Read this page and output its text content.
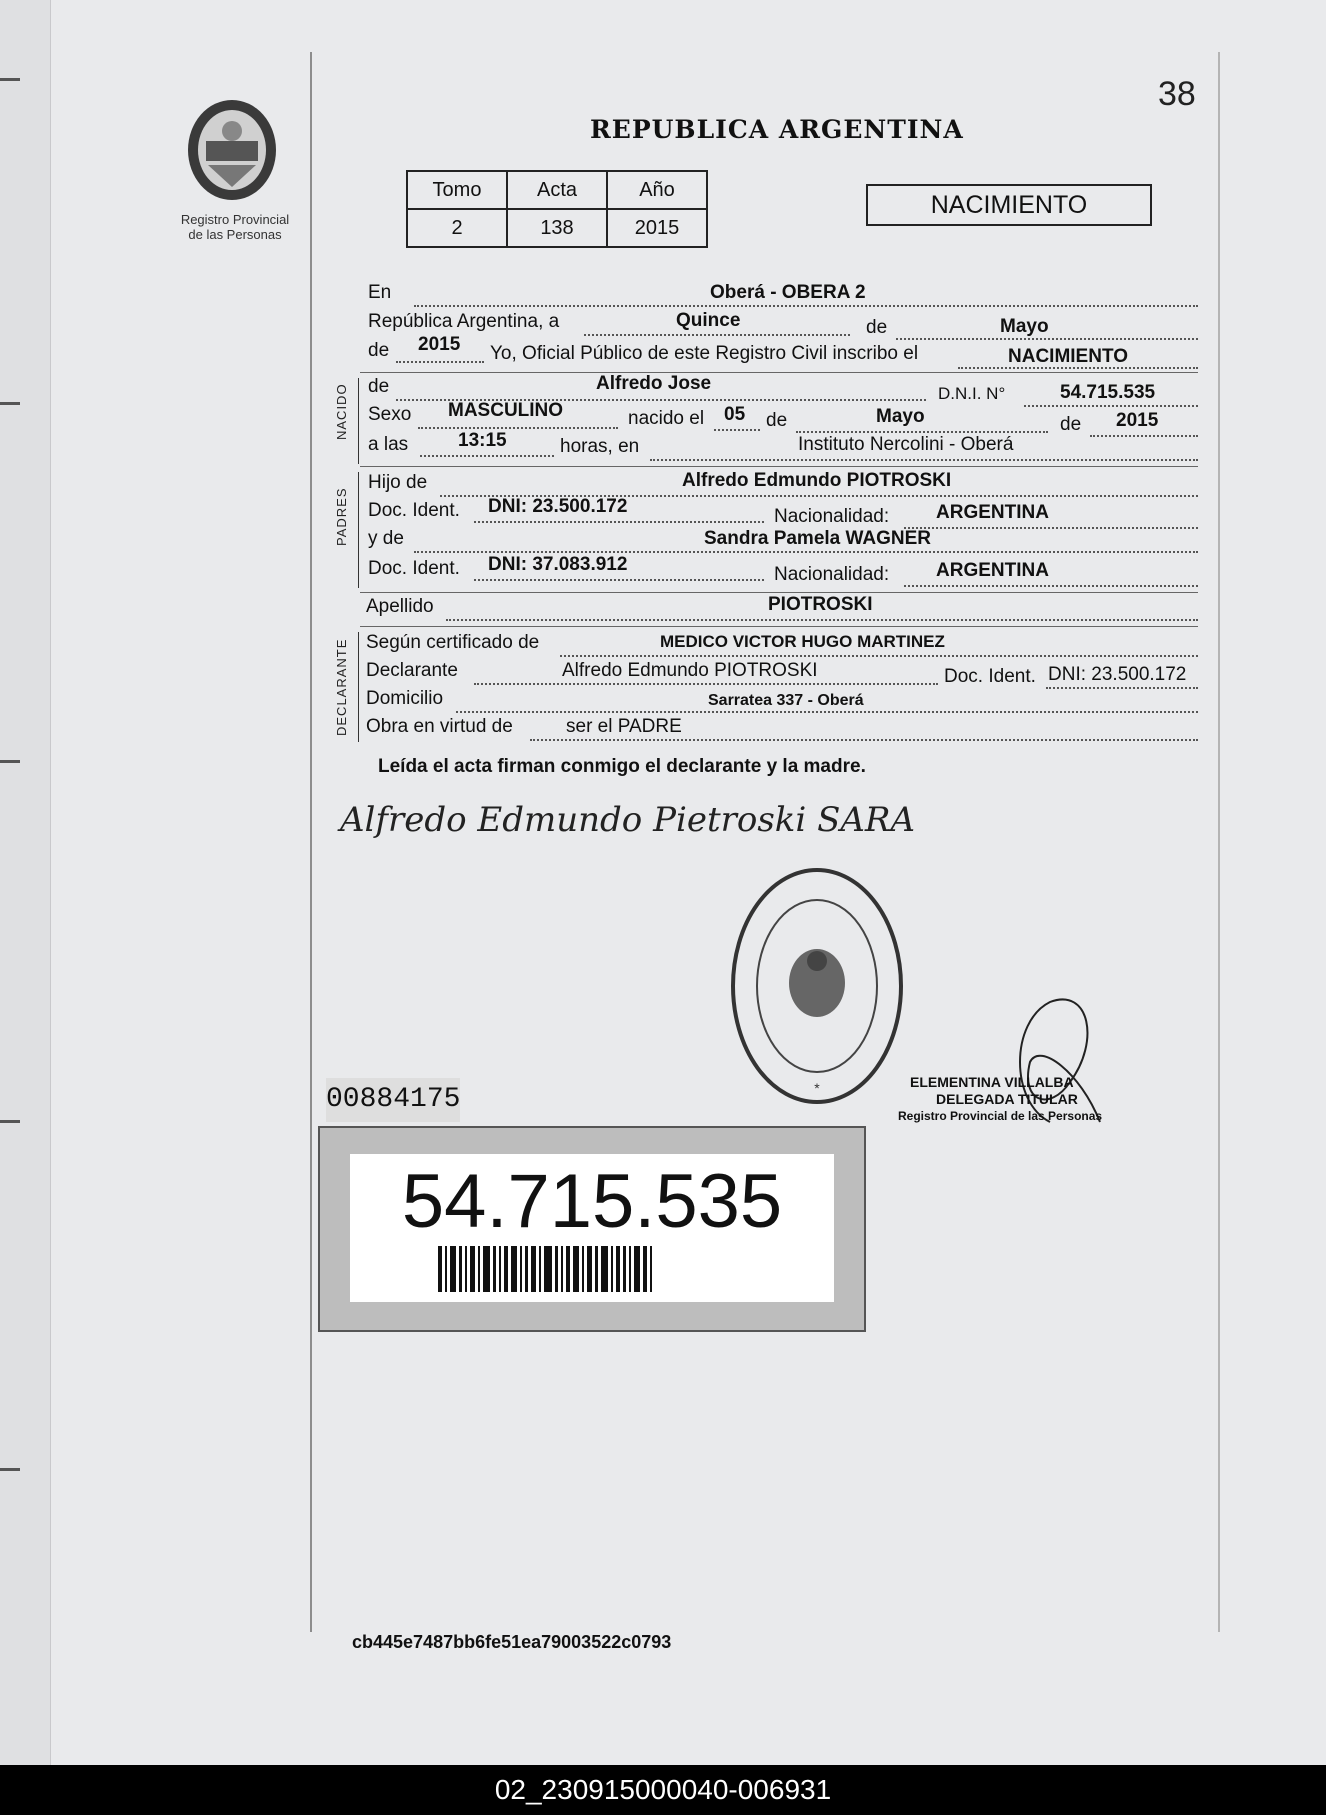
Registro Provincial
de las Personas
38
REPUBLICA ARGENTINA
Tomo	Acta	Año
2	138	2015
NACIMIENTO
En	Oberá - OBERA 2
República Argentina, a	Quince	de	Mayo
de 2015 Yo, Oficial Público de este Registro Civil inscribo el	NACIMIENTO
NACIDO de	Alfredo Jose	D.N.I. N°	54.715.535
Sexo MASCULINO	nacido el 05 de	Mayo	de 2015
a las	13:15	horas, en	Instituto Nercolini - Oberá
PADRES
Hijo de	Alfredo Edmundo PIOTROSKI
Doc. Ident. DNI: 23.500.172	Nacionalidad: ARGENTINA
y de	Sandra Pamela WAGNER
Doc. Ident. DNI: 37.083.912	Nacionalidad: ARGENTINA
Apellido	PIOTROSKI
DECLARANTE Según certificado de	MEDICO VICTOR HUGO MARTINEZ
Declarante	Alfredo Edmundo PIOTROSKI	Doc. Ident. DNI: 23.500.172
Domicilio	Sarratea 337 - Oberá
Obra en virtud de	ser el PADRE
Leída el acta firman conmigo el declarante y la madre.
Alfredo Edmundo Pietroski SARA
*	ELEMENTINA VILLALBA
DELEGADA TITULAR
Registro Provincial de las Personas
00884175
54.715.535
cb445e7487bb6fe51ea79003522c0793
02_230915000040-006931
